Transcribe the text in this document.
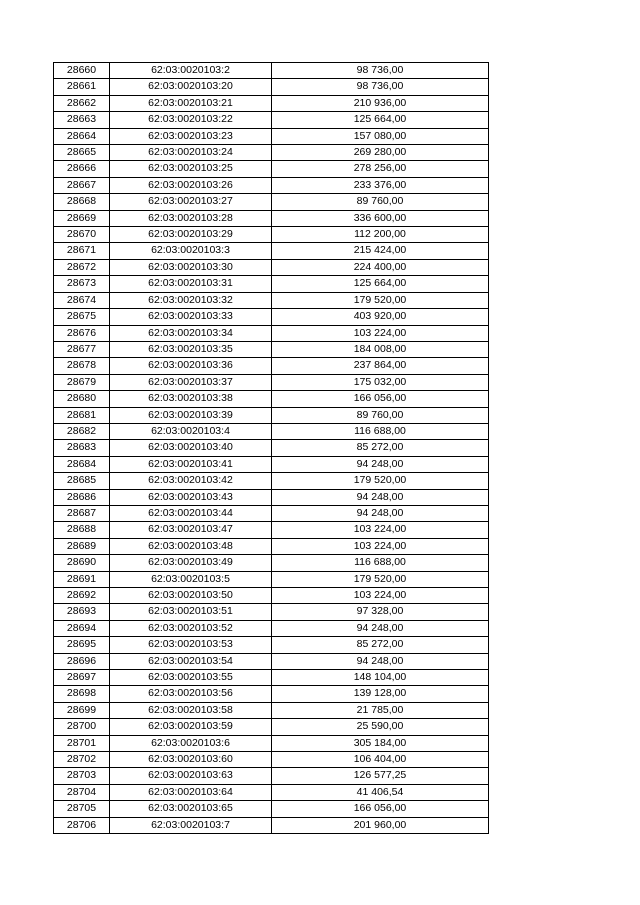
28660	62:03:0020103:2	98 736,00
28661	62:03:0020103:20	98 736,00
28662	62:03:0020103:21	210 936,00
28663	62:03:0020103:22	125 664,00
28664	62:03:0020103:23	157 080,00
28665	62:03:0020103:24	269 280,00
28666	62:03:0020103:25	278 256,00
28667	62:03:0020103:26	233 376,00
28668	62:03:0020103:27	89 760,00
28669	62:03:0020103:28	336 600,00
28670	62:03:0020103:29	112 200,00
28671	62:03:0020103:3	215 424,00
28672	62:03:0020103:30	224 400,00
28673	62:03:0020103:31	125 664,00
28674	62:03:0020103:32	179 520,00
28675	62:03:0020103:33	403 920,00
28676	62:03:0020103:34	103 224,00
28677	62:03:0020103:35	184 008,00
28678	62:03:0020103:36	237 864,00
28679	62:03:0020103:37	175 032,00
28680	62:03:0020103:38	166 056,00
28681	62:03:0020103:39	89 760,00
28682	62:03:0020103:4	116 688,00
28683	62:03:0020103:40	85 272,00
28684	62:03:0020103:41	94 248,00
28685	62:03:0020103:42	179 520,00
28686	62:03:0020103:43	94 248,00
28687	62:03:0020103:44	94 248,00
28688	62:03:0020103:47	103 224,00
28689	62:03:0020103:48	103 224,00
28690	62:03:0020103:49	116 688,00
28691	62:03:0020103:5	179 520,00
28692	62:03:0020103:50	103 224,00
28693	62:03:0020103:51	97 328,00
28694	62:03:0020103:52	94 248,00
28695	62:03:0020103:53	85 272,00
28696	62:03:0020103:54	94 248,00
28697	62:03:0020103:55	148 104,00
28698	62:03:0020103:56	139 128,00
28699	62:03:0020103:58	21 785,00
28700	62:03:0020103:59	25 590,00
28701	62:03:0020103:6	305 184,00
28702	62:03:0020103:60	106 404,00
28703	62:03:0020103:63	126 577,25
28704	62:03:0020103:64	41 406,54
28705	62:03:0020103:65	166 056,00
28706	62:03:0020103:7	201 960,00
